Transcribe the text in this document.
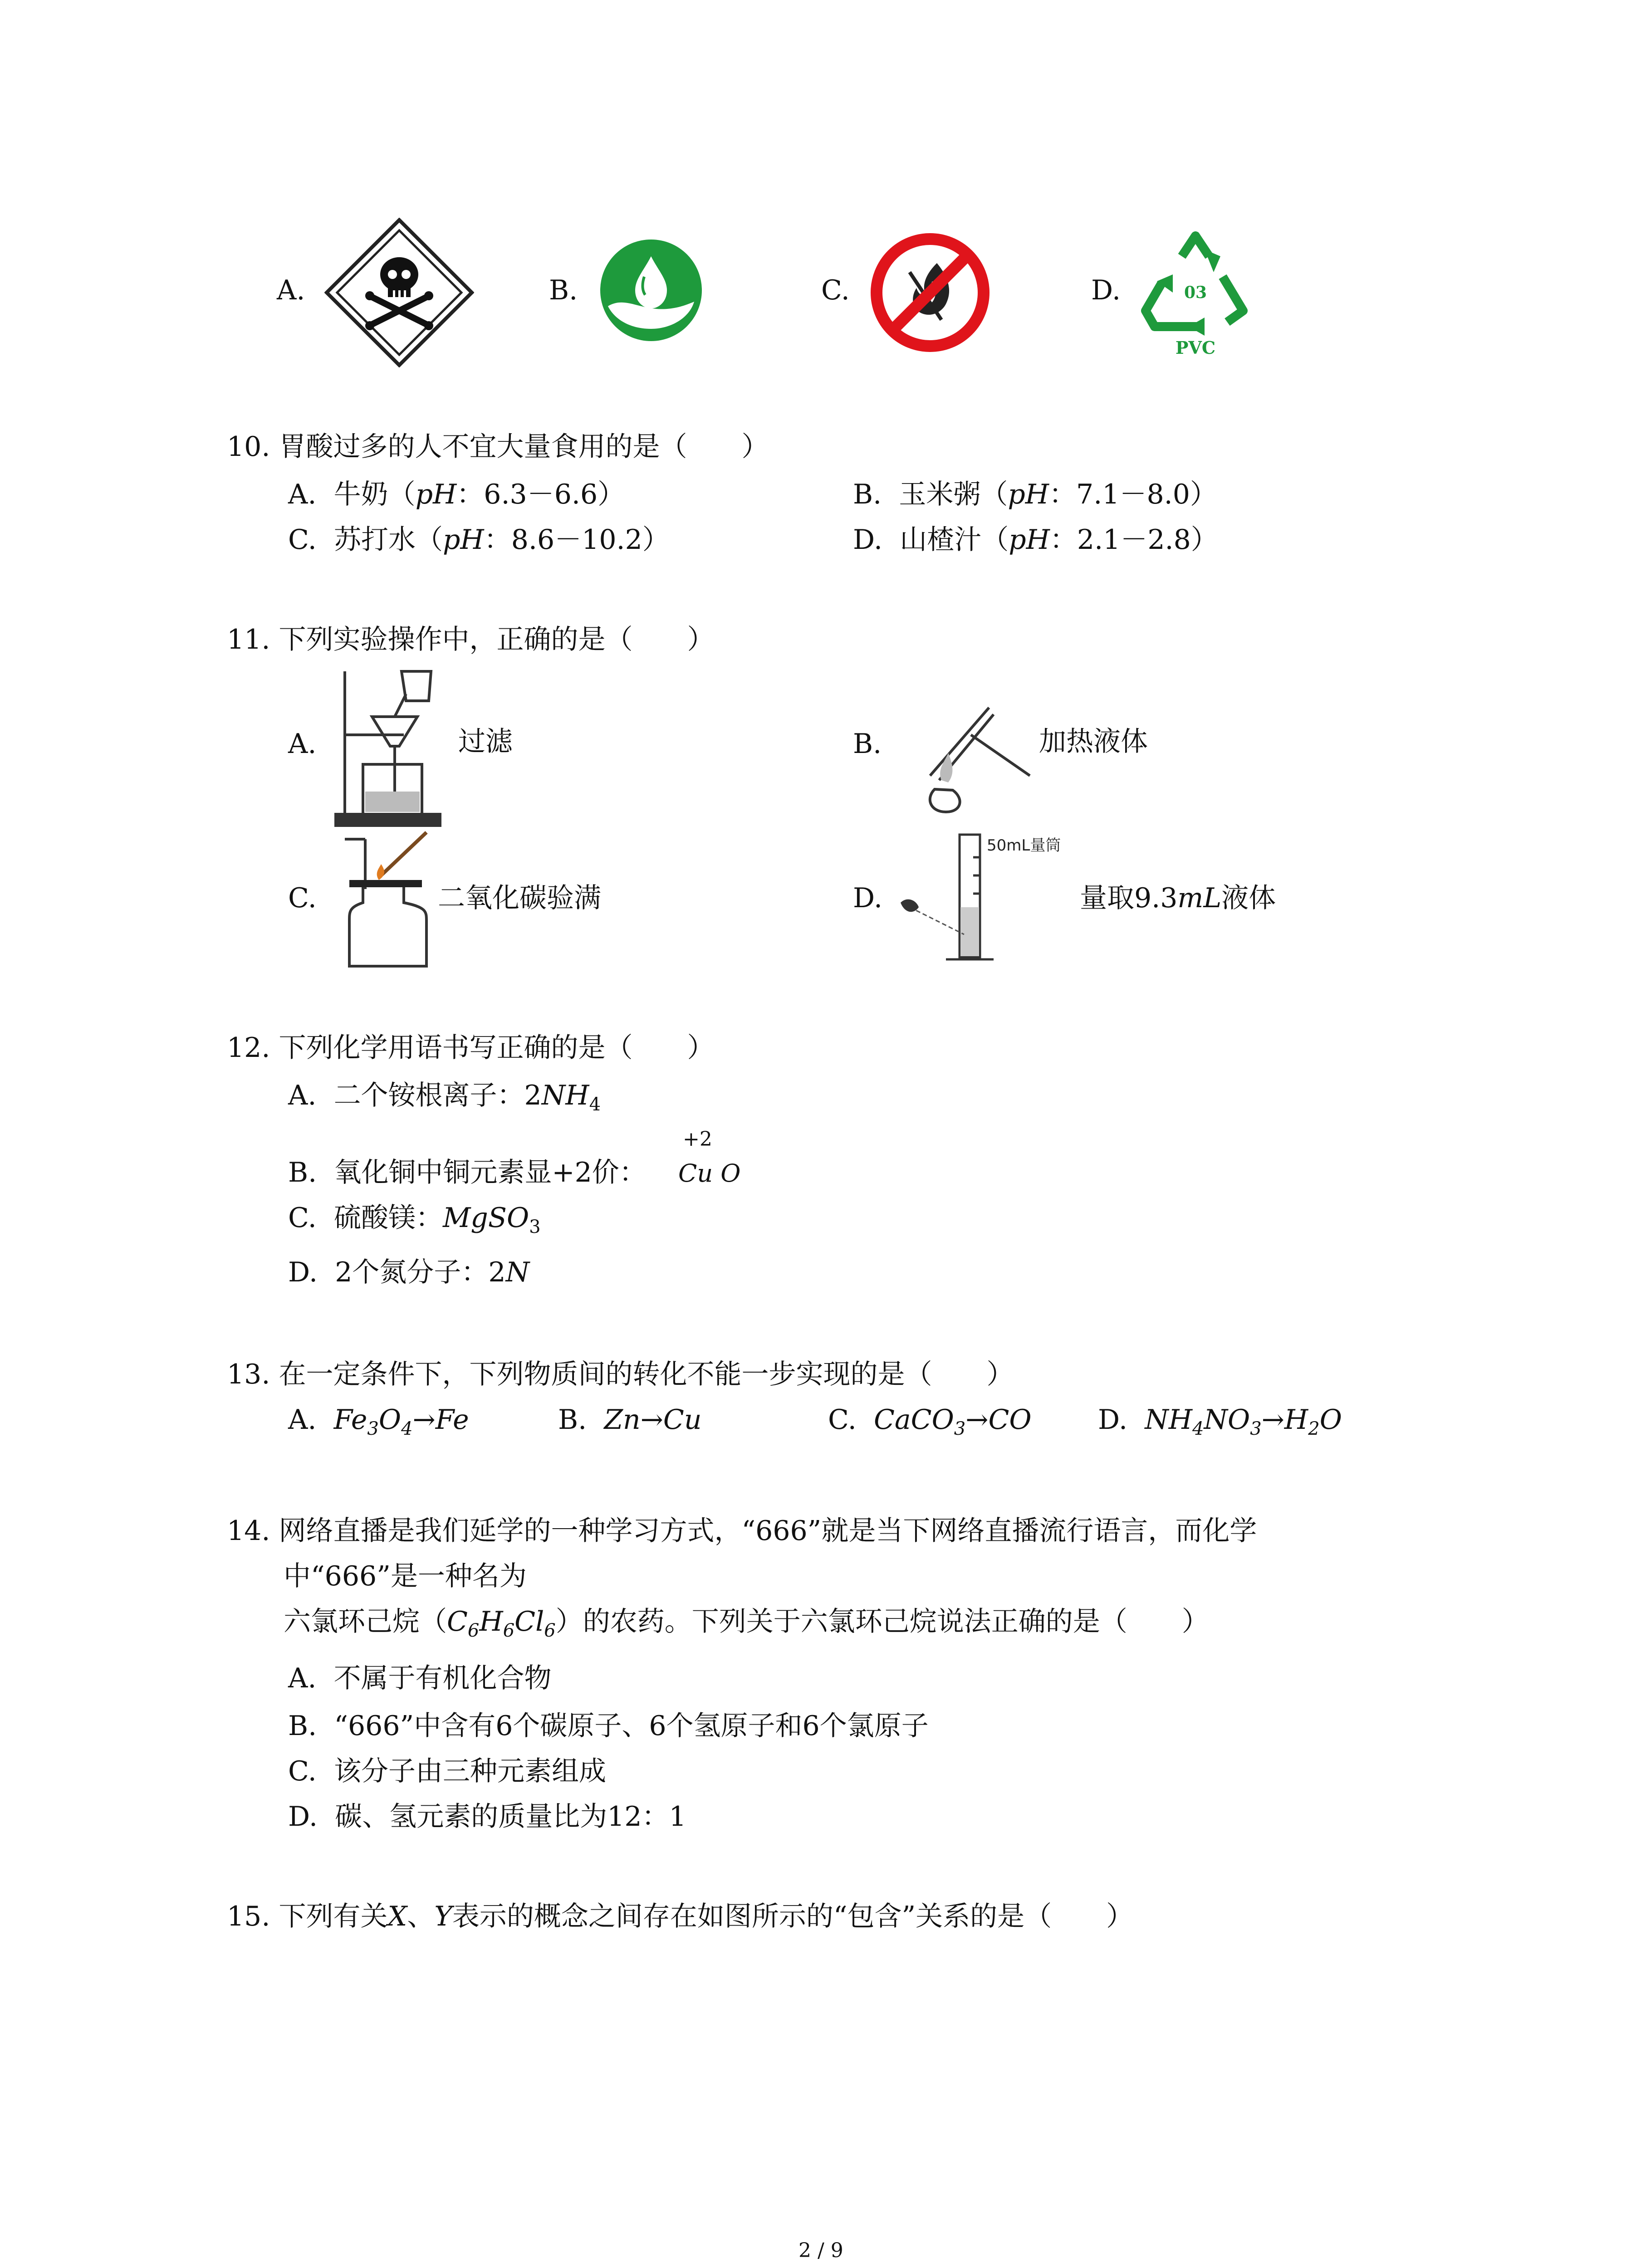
A.	B.	C.	D.	03
PVC
10. 胃酸过多的人不宜大量食用的是（　　）
A. 牛奶（pH：6.3－6.6）	B. 玉米粥（pH：7.1－8.0）
C. 苏打水（pH：8.6－10.2）	D. 山楂汁（pH：2.1－2.8）
11. 下列实验操作中，正确的是（　　）
A.	过滤	B.	加热液体
C.	二氧化碳验满	D.
50mL量筒
量取9.3mL液体
12. 下列化学用语书写正确的是（　　）
A. 二个铵根离子：$2NH_4$
B. 氧化铜中铜元素显+2价：
+2
Cu O
C. 硫酸镁：MgSO$_3$
D. 2个氮分子：2N
13. 在一定条件下，下列物质间的转化不能一步实现的是（　　）
A. $Fe_3O_4\to Fe$	B. Zn→Cu	C. CaCO$_3$→CO D. $NH_4NO_3\to H_2O$
14. 网络直播是我们延学的一种学习方式，“666”就是当下网络直播流行语言，而化学
中“666”是一种名为
六氯环己烷$(C_6H_6Cl_6)$的农药。下列关于六氯环己烷说法正确的是（　　）
A. 不属于有机化合物
B. “666”中含有6个碳原子、6个氢原子和6个氯原子
C. 该分子由三种元素组成
D. 碳、氢元素的质量比为12：1
15. 下列有关X、Y表示的概念之间存在如图所示的“包含”关系的是（　　）
2 / 9
